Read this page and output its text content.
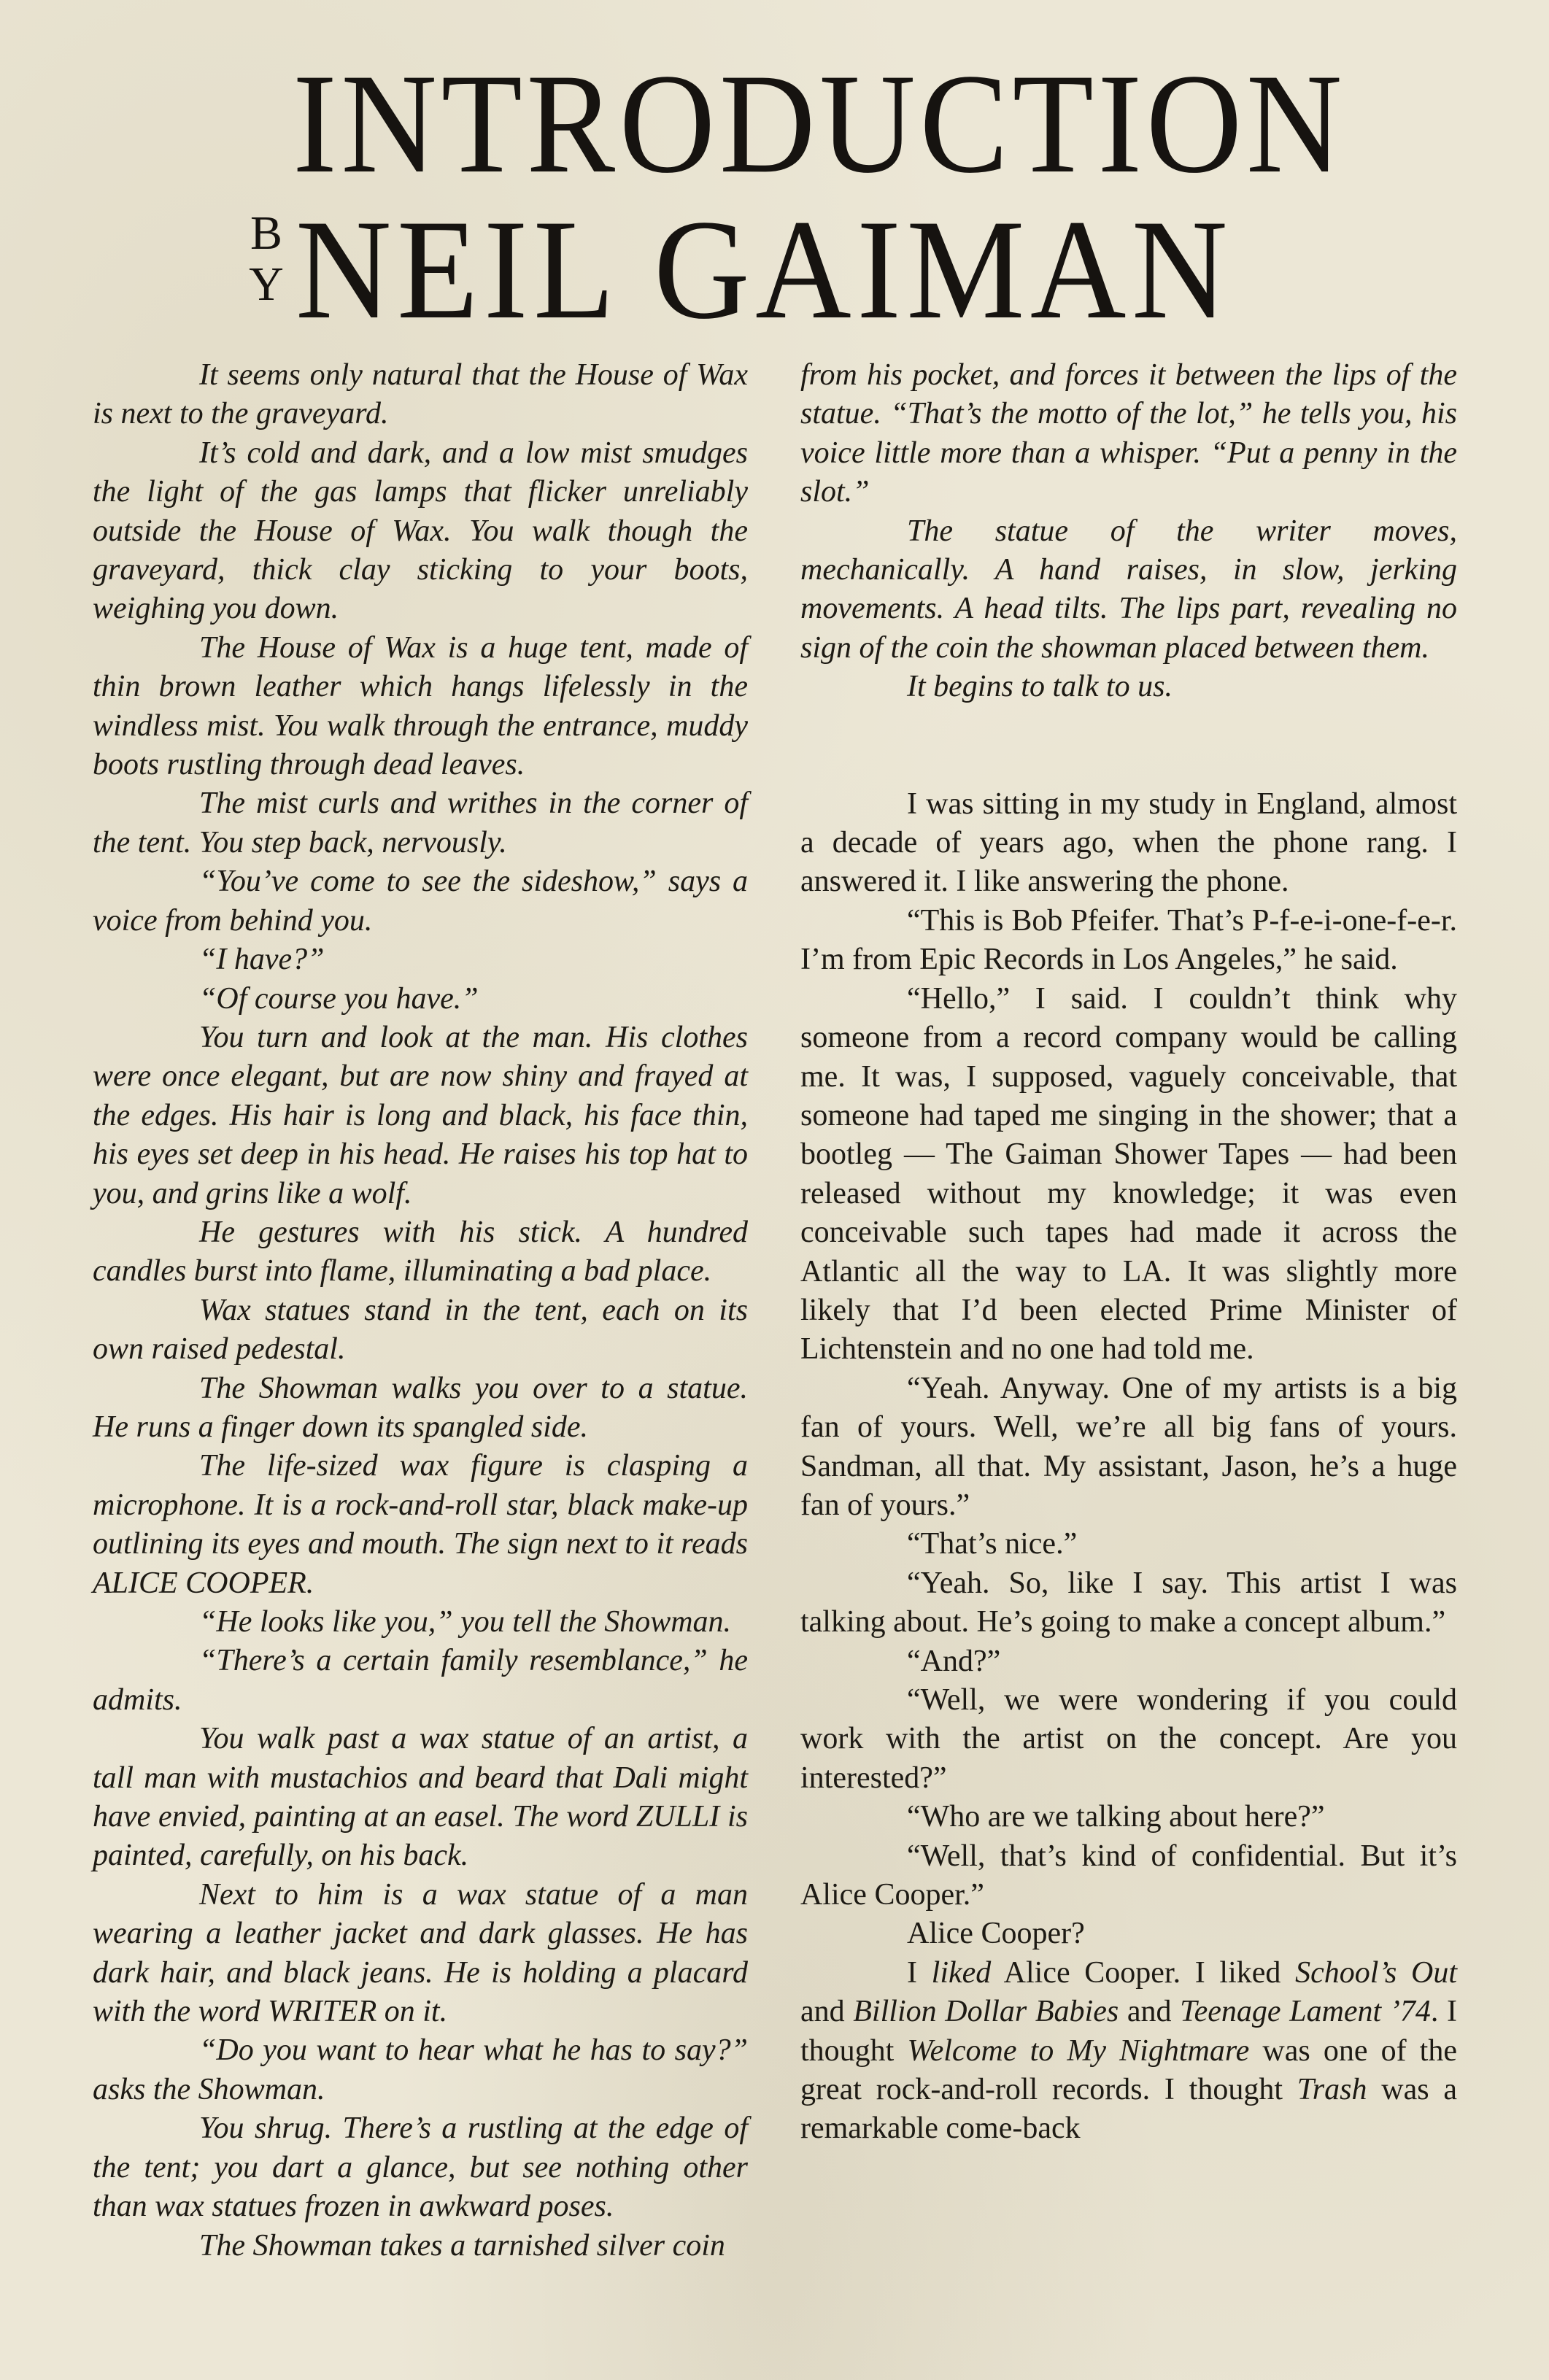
INTRODUCTION
B
Y NEIL GAIMAN

It seems only natural that the House of Wax is next to the graveyard.

It’s cold and dark, and a low mist smudges the light of the gas lamps that flicker unreliably outside the House of Wax. You walk though the graveyard, thick clay sticking to your boots, weighing you down.

The House of Wax is a huge tent, made of thin brown leather which hangs lifelessly in the windless mist. You walk through the entrance, muddy boots rustling through dead leaves.

The mist curls and writhes in the corner of the tent. You step back, nervously.

“You’ve come to see the sideshow,” says a voice from behind you.

“I have?”

“Of course you have.”

You turn and look at the man. His clothes were once elegant, but are now shiny and frayed at the edges. His hair is long and black, his face thin, his eyes set deep in his head. He raises his top hat to you, and grins like a wolf.

He gestures with his stick. A hundred candles burst into flame, illuminating a bad place.

Wax statues stand in the tent, each on its own raised pedestal.

The Showman walks you over to a statue. He runs a finger down its spangled side.

The life-sized wax figure is clasping a microphone. It is a rock-and-roll star, black make-up outlining its eyes and mouth. The sign next to it reads ALICE COOPER.

“He looks like you,” you tell the Showman.

“There’s a certain family resemblance,” he admits.

You walk past a wax statue of an artist, a tall man with mustachios and beard that Dali might have envied, painting at an easel. The word ZULLI is painted, carefully, on his back.

Next to him is a wax statue of a man wearing a leather jacket and dark glasses. He has dark hair, and black jeans. He is holding a placard with the word WRITER on it.

“Do you want to hear what he has to say?” asks the Showman.

You shrug. There’s a rustling at the edge of the tent; you dart a glance, but see nothing other than wax statues frozen in awkward poses.

The Showman takes a tarnished silver coin

from his pocket, and forces it between the lips of the statue. “That’s the motto of the lot,” he tells you, his voice little more than a whisper. “Put a penny in the slot.”

The statue of the writer moves, mechanically. A hand raises, in slow, jerking movements. A head tilts. The lips part, revealing no sign of the coin the showman placed between them.

It begins to talk to us.

I was sitting in my study in England, almost a decade of years ago, when the phone rang. I answered it. I like answering the phone.

“This is Bob Pfeifer. That’s P-f-e-i-one-f-e-r. I’m from Epic Records in Los Angeles,” he said.

“Hello,” I said. I couldn’t think why someone from a record company would be calling me. It was, I supposed, vaguely conceivable, that someone had taped me singing in the shower; that a bootleg — The Gaiman Shower Tapes — had been released without my knowledge; it was even conceivable such tapes had made it across the Atlantic all the way to LA. It was slightly more likely that I’d been elected Prime Minister of Lichtenstein and no one had told me.

“Yeah. Anyway. One of my artists is a big fan of yours. Well, we’re all big fans of yours. Sandman, all that. My assistant, Jason, he’s a huge fan of yours.”

“That’s nice.”

“Yeah. So, like I say. This artist I was talking about. He’s going to make a concept album.”

“And?”

“Well, we were wondering if you could work with the artist on the concept. Are you interested?”

“Who are we talking about here?”

“Well, that’s kind of confidential. But it’s Alice Cooper.”

Alice Cooper?

I liked Alice Cooper. I liked School’s Out and Billion Dollar Babies and Teenage Lament ’74. I thought Welcome to My Nightmare was one of the great rock-and-roll records. I thought Trash was a remarkable come-back
